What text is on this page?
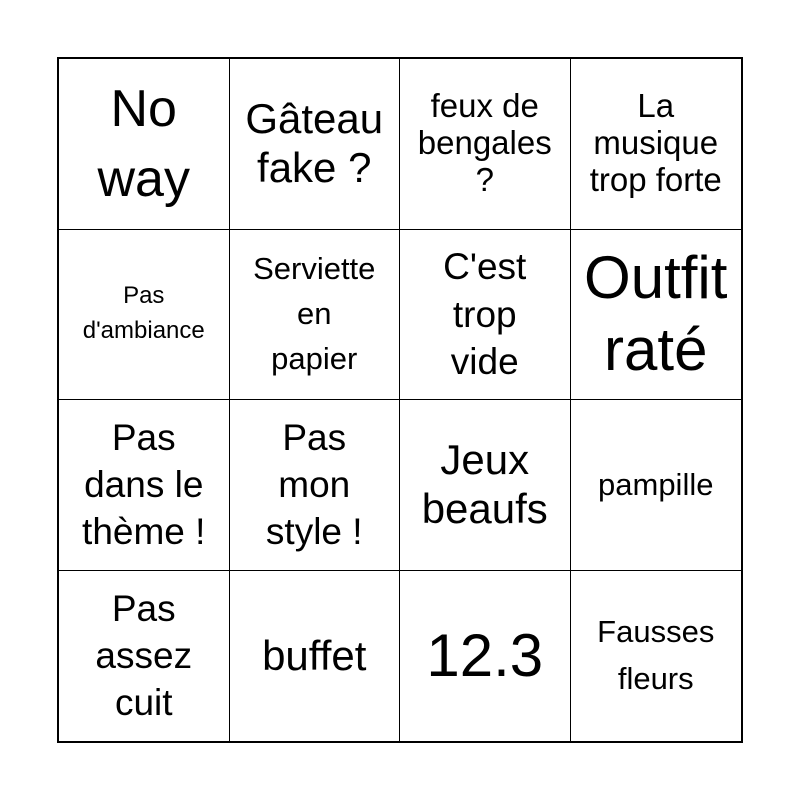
No
way
Gâteau
fake ?
feux de
bengales
?
La
musique
trop forte
Pas
d'ambiance
Serviette
en
papier
C'est
trop
vide
Outfit
raté
Pas
dans le
thème !
Pas
mon
style !
Jeux
beaufs
pampille
Pas
assez
cuit
buffet 12.3 Fausses
fleurs
